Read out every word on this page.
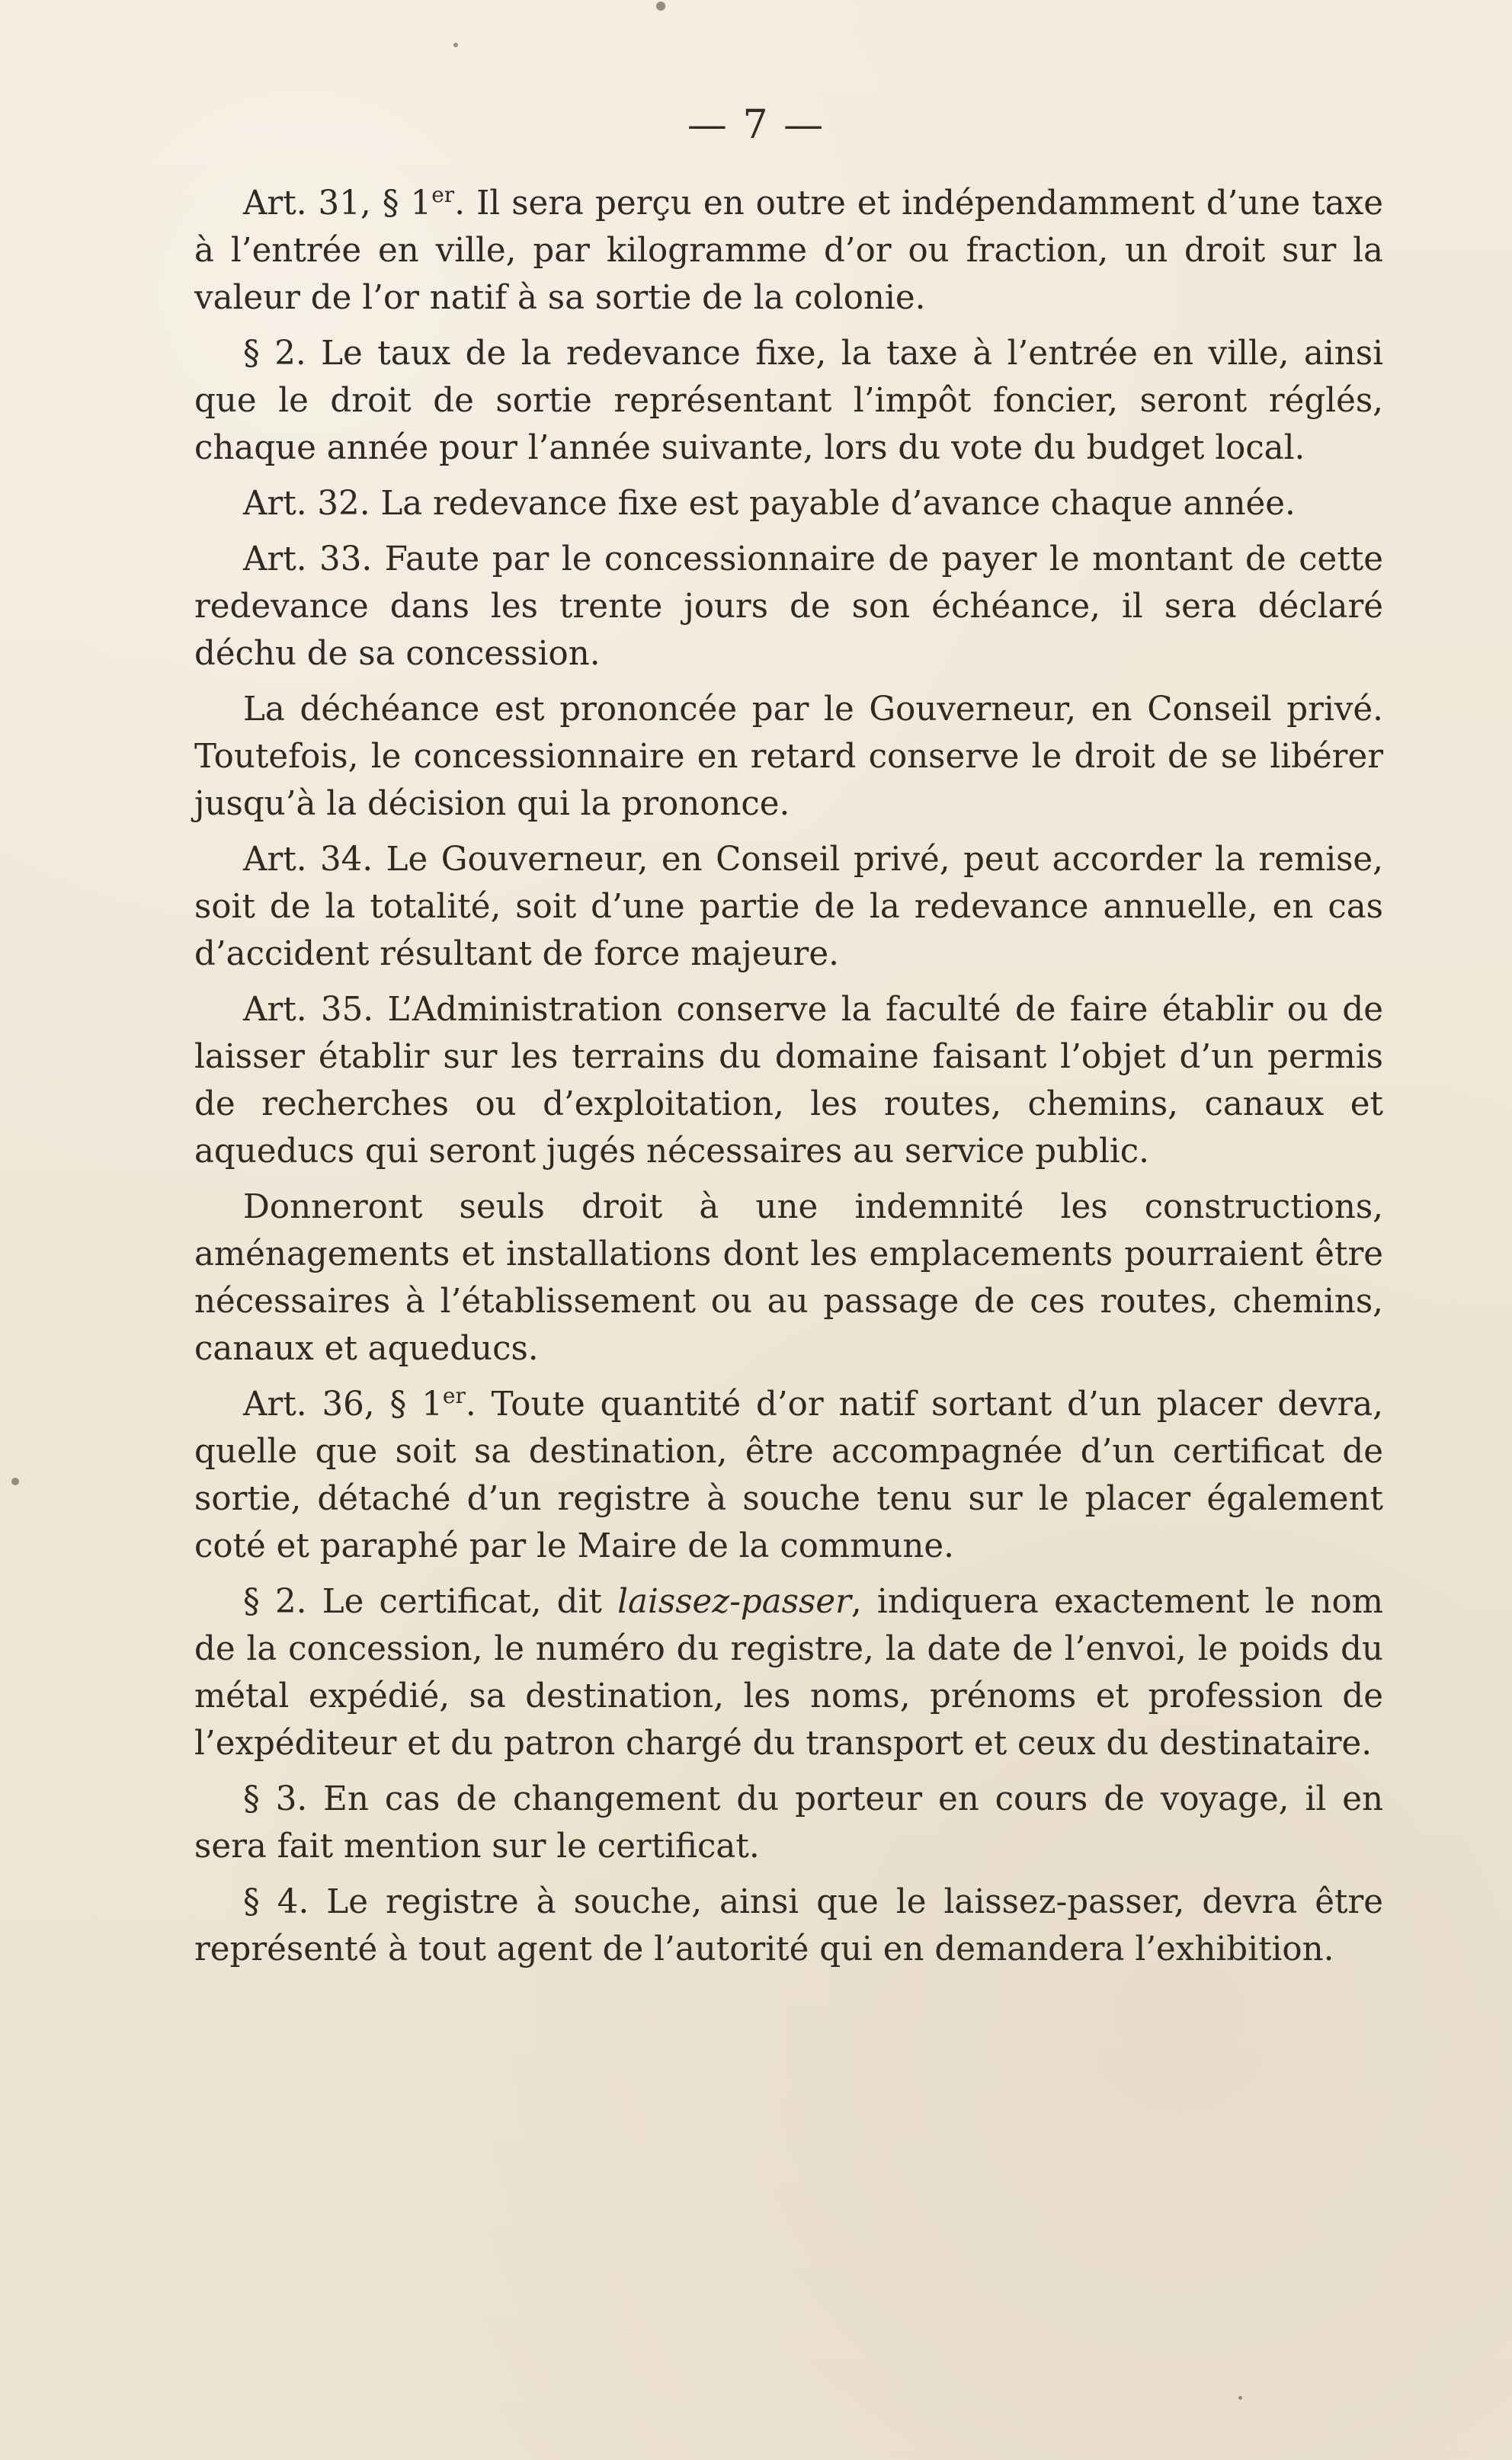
— 7 —

Art. 31, § 1er. Il sera perçu en outre et indépendamment d’une taxe à l’entrée en ville, par kilogramme d’or ou fraction, un droit sur la valeur de l’or natif à sa sortie de la colonie.

§ 2. Le taux de la redevance fixe, la taxe à l’entrée en ville, ainsi que le droit de sortie représentant l’impôt foncier, seront réglés, chaque année pour l’année suivante, lors du vote du budget local.

Art. 32. La redevance fixe est payable d’avance chaque année.

Art. 33. Faute par le concessionnaire de payer le montant de cette redevance dans les trente jours de son échéance, il sera déclaré déchu de sa concession.

La déchéance est prononcée par le Gouverneur, en Conseil privé. Toutefois, le concessionnaire en retard conserve le droit de se libérer jusqu’à la décision qui la prononce.

Art. 34. Le Gouverneur, en Conseil privé, peut accorder la remise, soit de la totalité, soit d’une partie de la redevance annuelle, en cas d’accident résultant de force majeure.

Art. 35. L’Administration conserve la faculté de faire établir ou de laisser établir sur les terrains du domaine faisant l’objet d’un permis de recherches ou d’exploitation, les routes, chemins, canaux et aqueducs qui seront jugés nécessaires au service public.

Donneront seuls droit à une indemnité les constructions, aménagements et installations dont les emplacements pourraient être nécessaires à l’établissement ou au passage de ces routes, chemins, canaux et aqueducs.

Art. 36, § 1er. Toute quantité d’or natif sortant d’un placer devra, quelle que soit sa destination, être accompagnée d’un certificat de sortie, détaché d’un registre à souche tenu sur le placer également coté et paraphé par le Maire de la commune.

§ 2. Le certificat, dit laissez-passer, indiquera exactement le nom de la concession, le numéro du registre, la date de l’envoi, le poids du métal expédié, sa destination, les noms, prénoms et profession de l’expéditeur et du patron chargé du transport et ceux du destinataire.

§ 3. En cas de changement du porteur en cours de voyage, il en sera fait mention sur le certificat.

§ 4. Le registre à souche, ainsi que le laissez-passer, devra être représenté à tout agent de l’autorité qui en demandera l’exhibition.
